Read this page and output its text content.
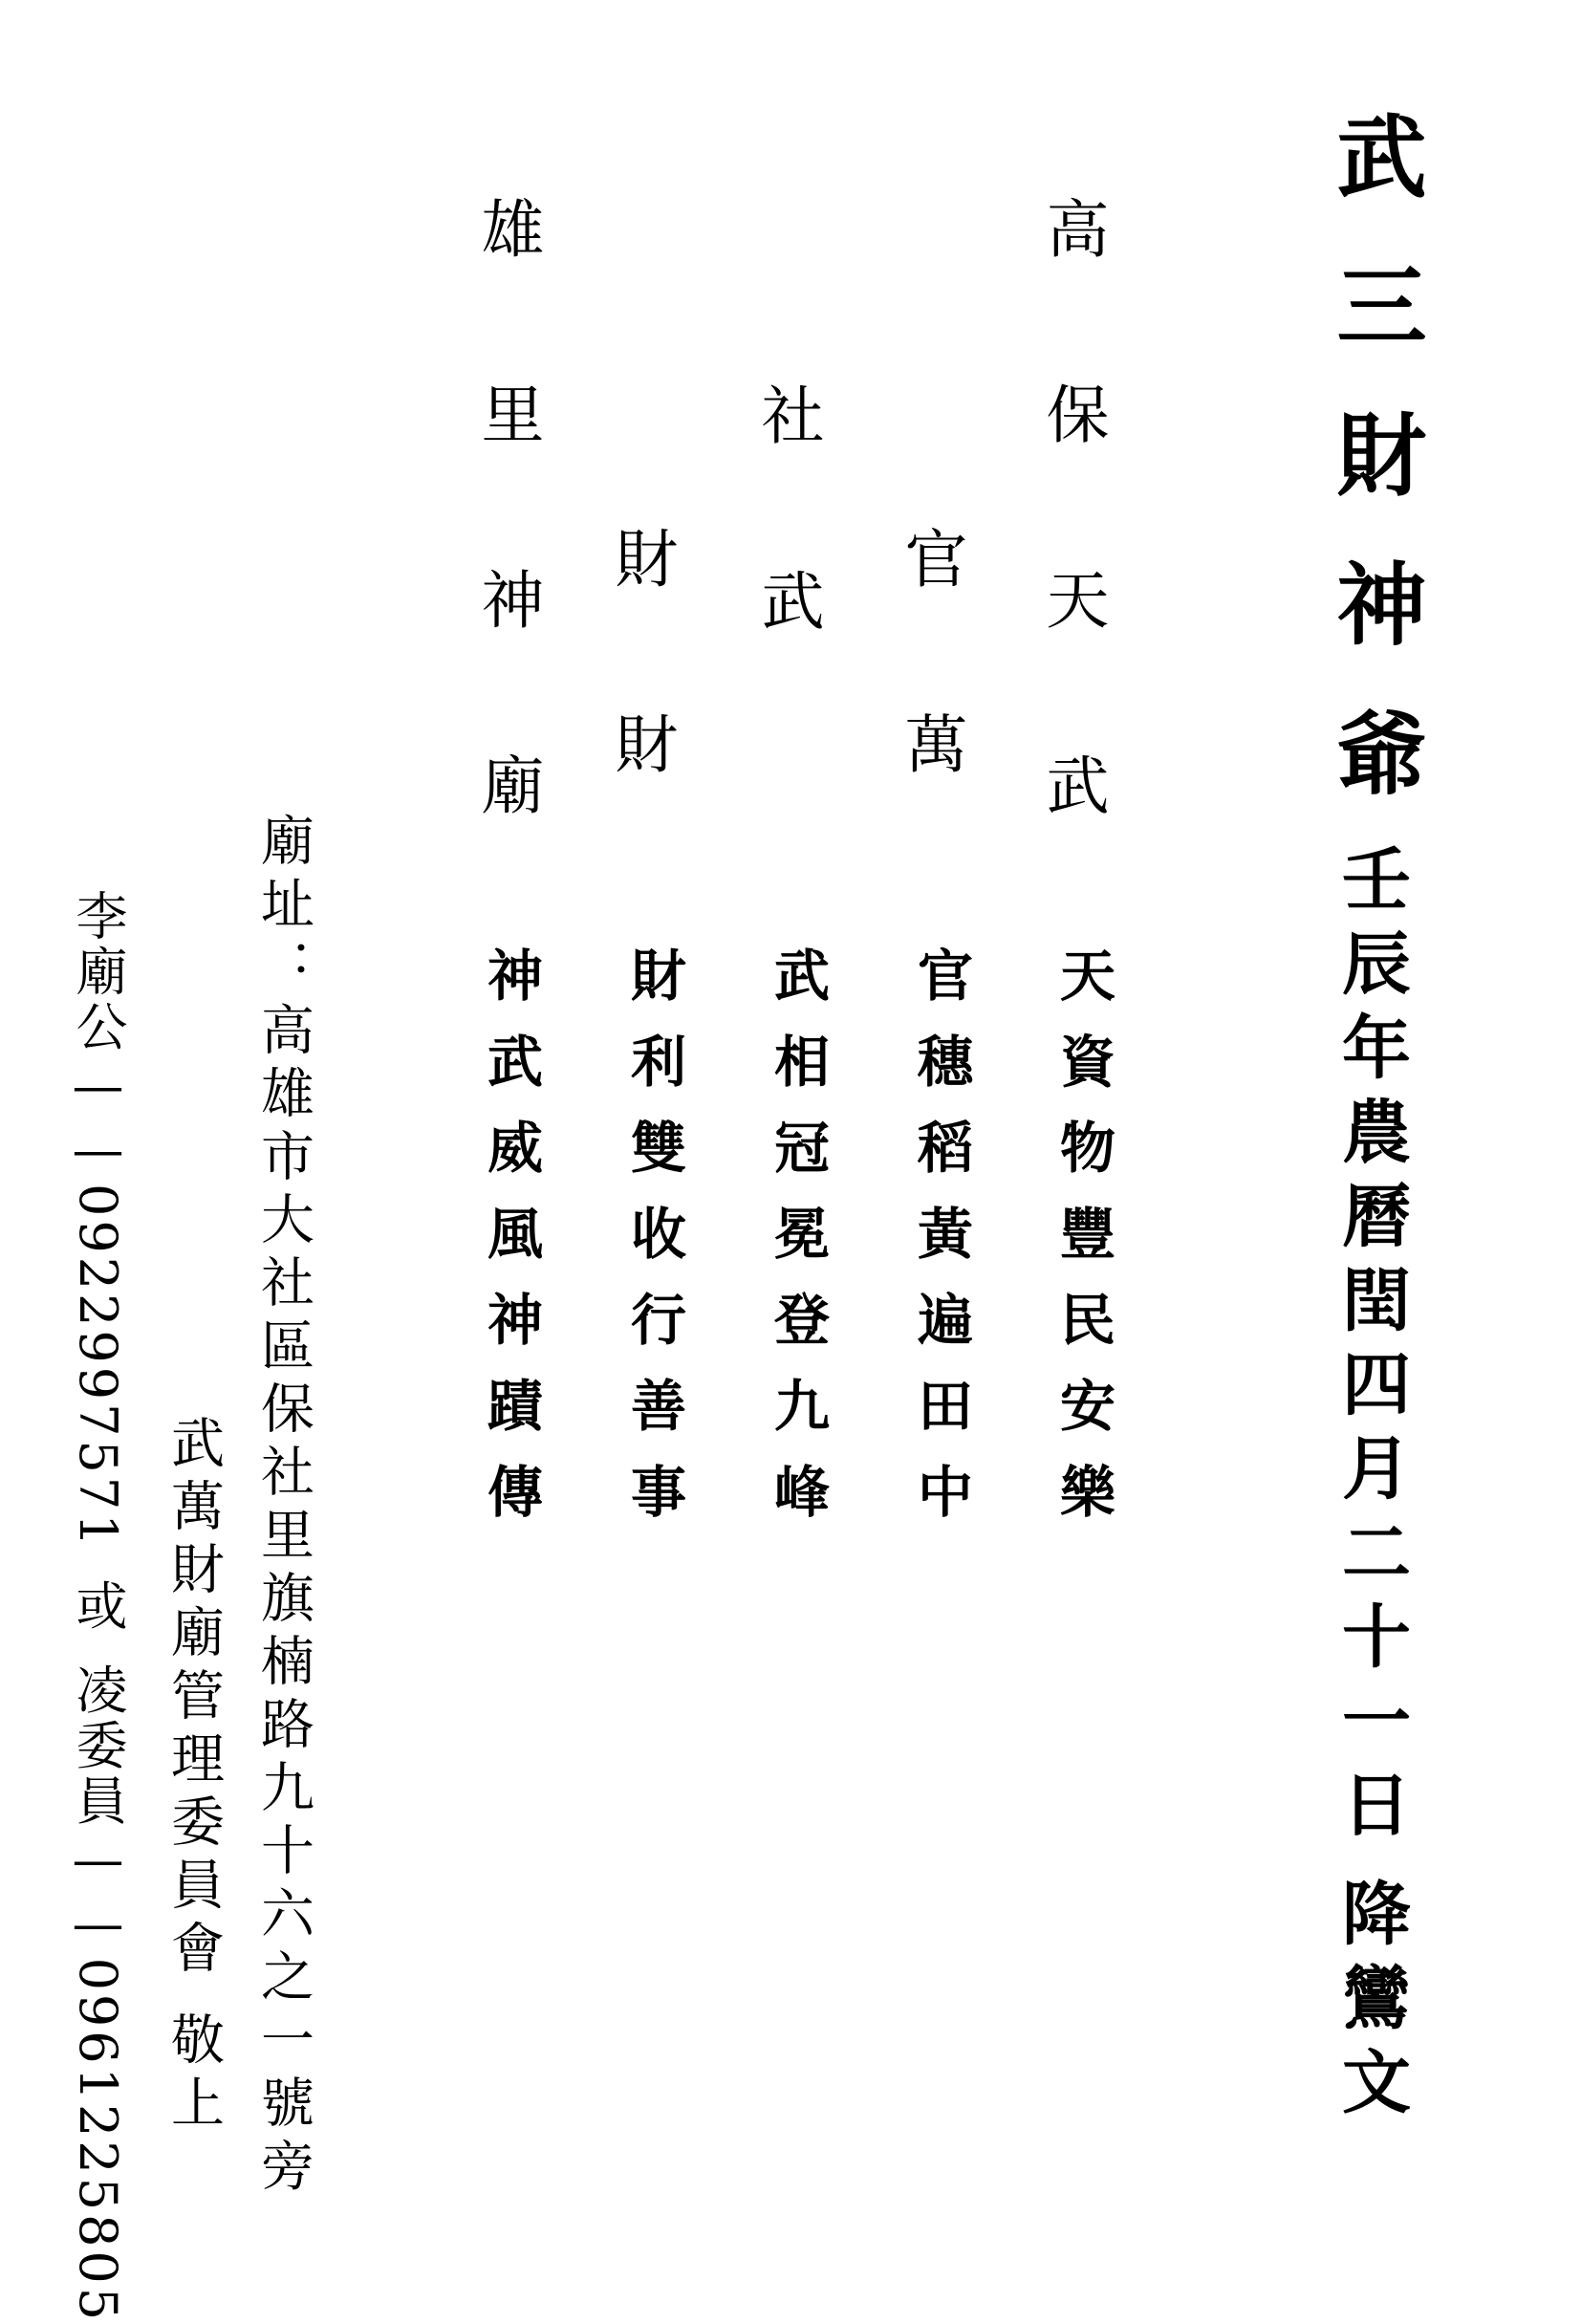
武三財神爺
壬辰年農曆閏四月二十一日降鸞文
高保天武
官萬
社武
財財
雄里神廟
天資物豐民安樂
官穗稻黃遍田中
武相冠冕登九峰
財利雙收行善事
神武威風神蹟傳
廟址：高雄市大社區保社里旗楠路九十六之一號旁
武萬財廟管理委員會敬上
李廟公——0922997571或凌委員——0961225805
